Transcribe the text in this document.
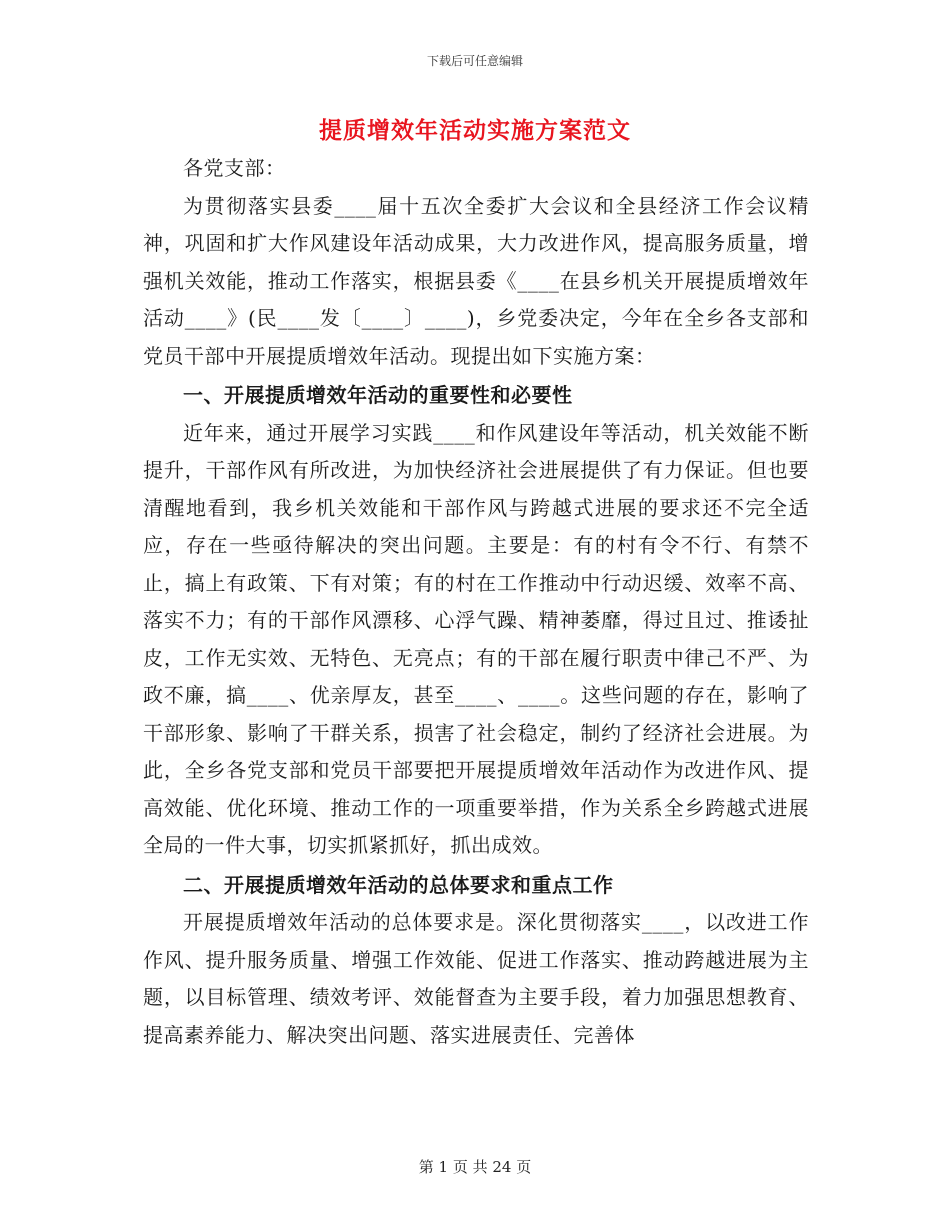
下载后可任意编辑
提质增效年活动实施方案范文

各党支部：

为贯彻落实县委____届十五次全委扩大会议和全县经济工作会议精神，巩固和扩大作风建设年活动成果，大力改进作风，提高服务质量，增强机关效能，推动工作落实，根据县委《____在县乡机关开展提质增效年活动____》(民____发〔____〕____)，乡党委决定，今年在全乡各支部和党员干部中开展提质增效年活动。现提出如下实施方案：

一、开展提质增效年活动的重要性和必要性

近年来，通过开展学习实践____和作风建设年等活动，机关效能不断提升，干部作风有所改进，为加快经济社会进展提供了有力保证。但也要清醒地看到，我乡机关效能和干部作风与跨越式进展的要求还不完全适应，存在一些亟待解决的突出问题。主要是：有的村有令不行、有禁不止，搞上有政策、下有对策；有的村在工作推动中行动迟缓、效率不高、落实不力；有的干部作风漂移、心浮气躁、精神萎靡，得过且过、推诿扯皮，工作无实效、无特色、无亮点；有的干部在履行职责中律己不严、为政不廉，搞____、优亲厚友，甚至____、____。这些问题的存在，影响了干部形象、影响了干群关系，损害了社会稳定，制约了经济社会进展。为此，全乡各党支部和党员干部要把开展提质增效年活动作为改进作风、提高效能、优化环境、推动工作的一项重要举措，作为关系全乡跨越式进展全局的一件大事，切实抓紧抓好，抓出成效。

二、开展提质增效年活动的总体要求和重点工作

开展提质增效年活动的总体要求是。深化贯彻落实____，以改进工作作风、提升服务质量、增强工作效能、促进工作落实、推动跨越进展为主题，以目标管理、绩效考评、效能督查为主要手段，着力加强思想教育、提高素养能力、解决突出问题、落实进展责任、完善体

第 1 页 共 24 页
